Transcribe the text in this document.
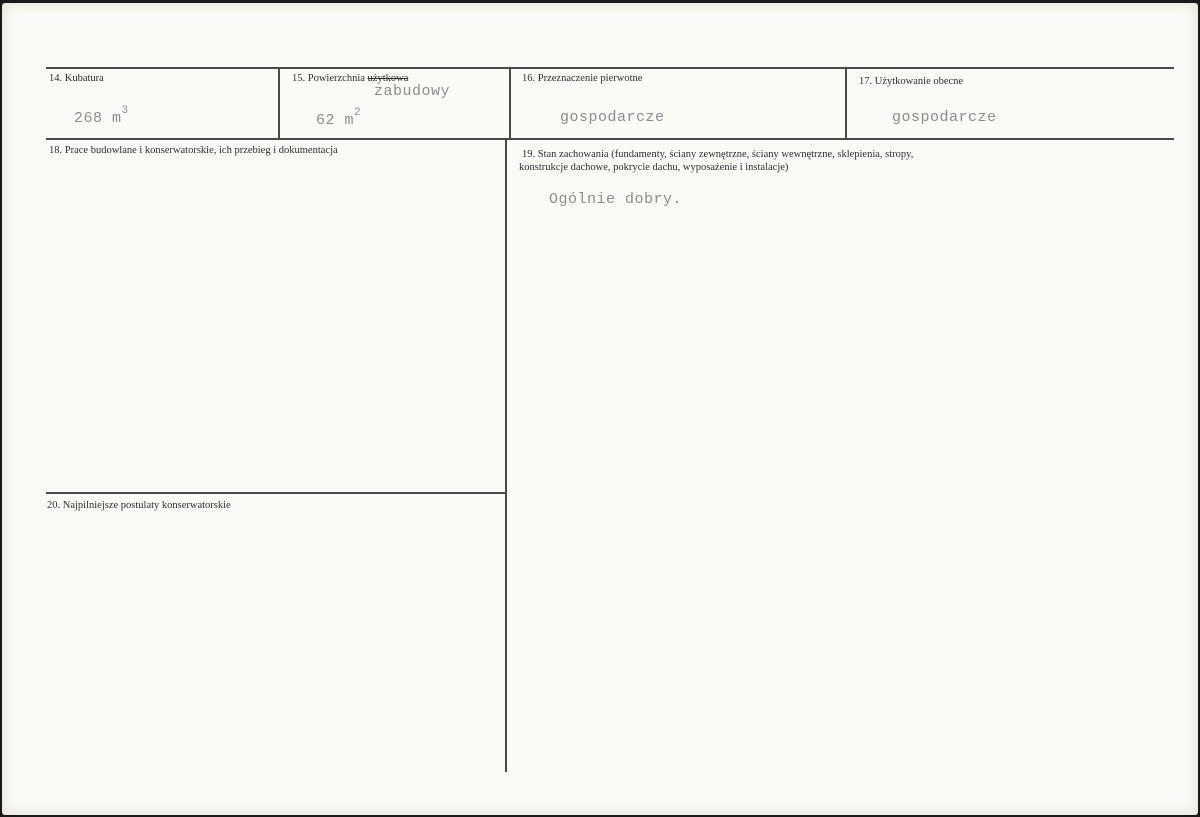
14. Kubatura
268 $m^3$
15. Powierzchnia użytkowa
zabudowy
62 $m^2$
16. Przeznaczenie pierwotne
gospodarcze
17. Użytkowanie obecne
gospodarcze
18. Prace budowlane i konserwatorskie, ich przebieg i dokumentacja	19. Stan zachowania (fundamenty, ściany zewnętrzne, ściany wewnętrzne, sklepienia, stropy,
konstrukcje dachowe, pokrycie dachu, wyposażenie i instalacje)
Ogólnie dobry.
20. Najpilniejsze postulaty konserwatorskie
